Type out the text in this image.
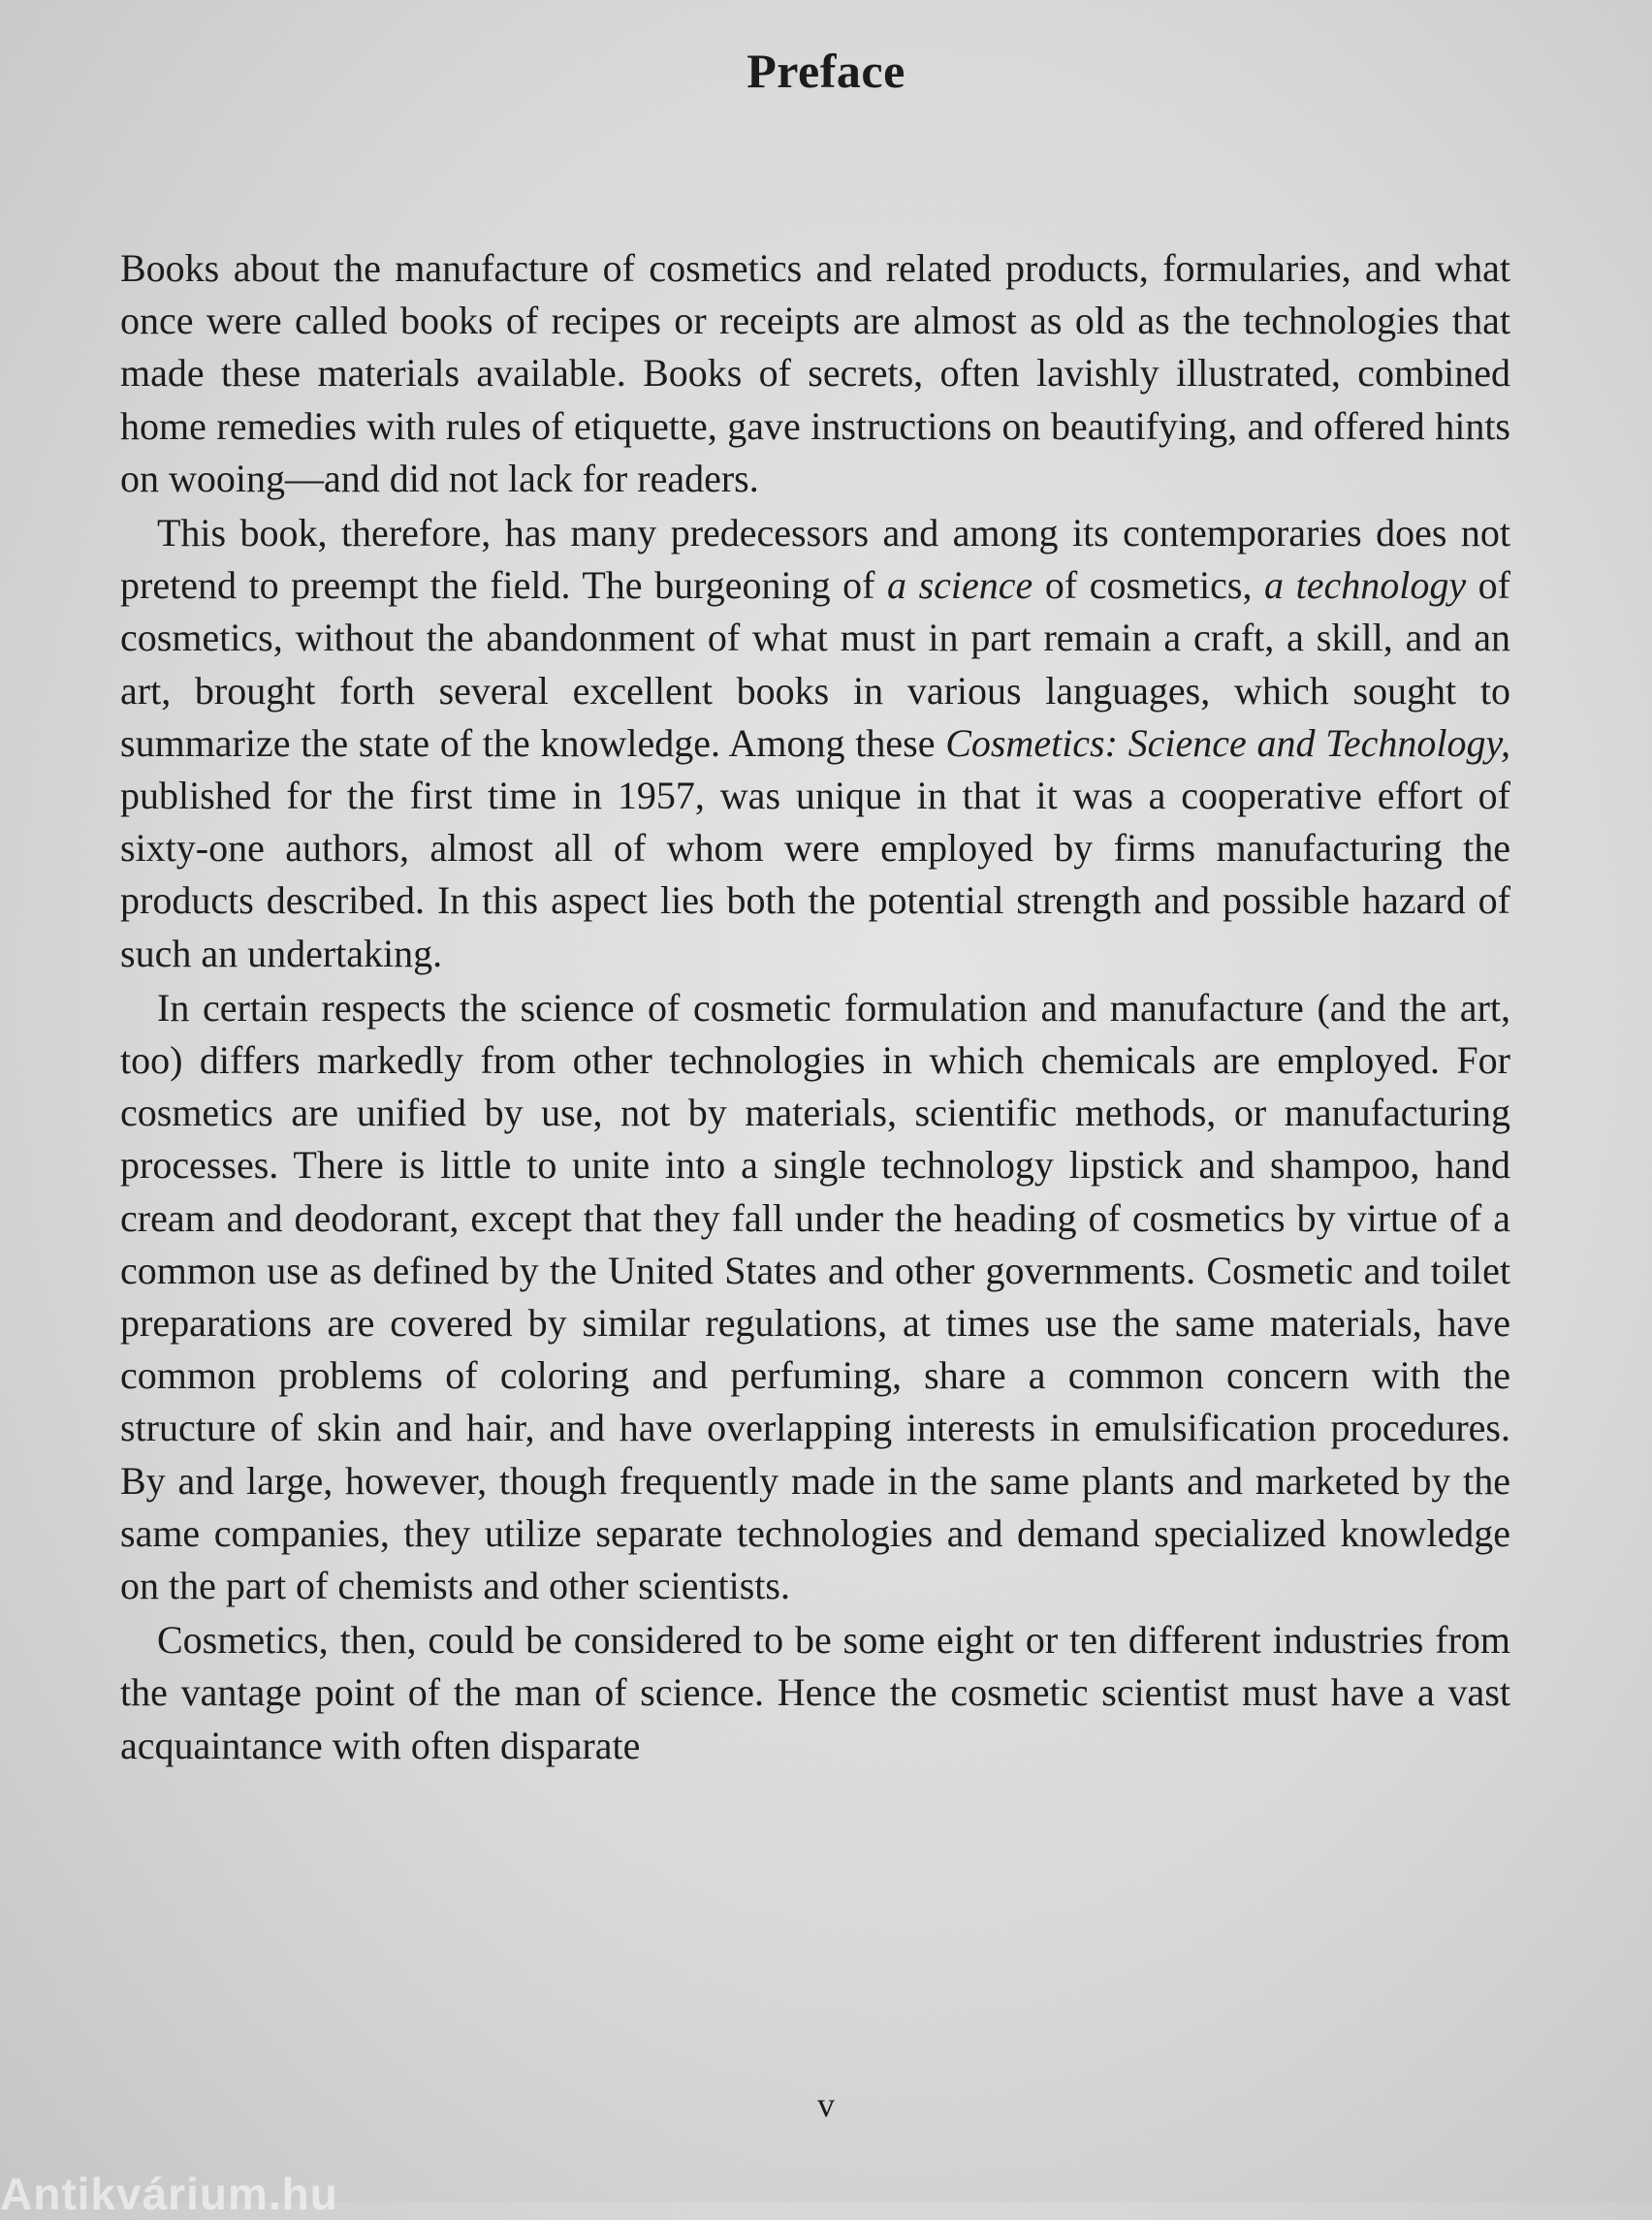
Preface

Books about the manufacture of cosmetics and related products, formularies, and what once were called books of recipes or receipts are almost as old as the technologies that made these materials available. Books of secrets, often lavishly illustrated, combined home remedies with rules of etiquette, gave instructions on beautifying, and offered hints on wooing—and did not lack for readers.

This book, therefore, has many predecessors and among its contemporaries does not pretend to preempt the field. The burgeoning of a science of cosmetics, a technology of cosmetics, without the abandonment of what must in part remain a craft, a skill, and an art, brought forth several excellent books in various languages, which sought to summarize the state of the knowledge. Among these Cosmetics: Science and Technology, published for the first time in 1957, was unique in that it was a cooperative effort of sixty-one authors, almost all of whom were employed by firms manufacturing the products described. In this aspect lies both the potential strength and possible hazard of such an undertaking.

In certain respects the science of cosmetic formulation and manufacture (and the art, too) differs markedly from other technologies in which chemicals are employed. For cosmetics are unified by use, not by materials, scientific methods, or manufacturing processes. There is little to unite into a single technology lipstick and shampoo, hand cream and deodorant, except that they fall under the heading of cosmetics by virtue of a common use as defined by the United States and other governments. Cosmetic and toilet preparations are covered by similar regulations, at times use the same materials, have common problems of coloring and perfuming, share a common concern with the structure of skin and hair, and have overlapping interests in emulsification procedures. By and large, however, though frequently made in the same plants and marketed by the same companies, they utilize separate technologies and demand specialized knowledge on the part of chemists and other scientists.

Cosmetics, then, could be considered to be some eight or ten different industries from the vantage point of the man of science. Hence the cosmetic scientist must have a vast acquaintance with often disparate

v

Antikvárium.hu
